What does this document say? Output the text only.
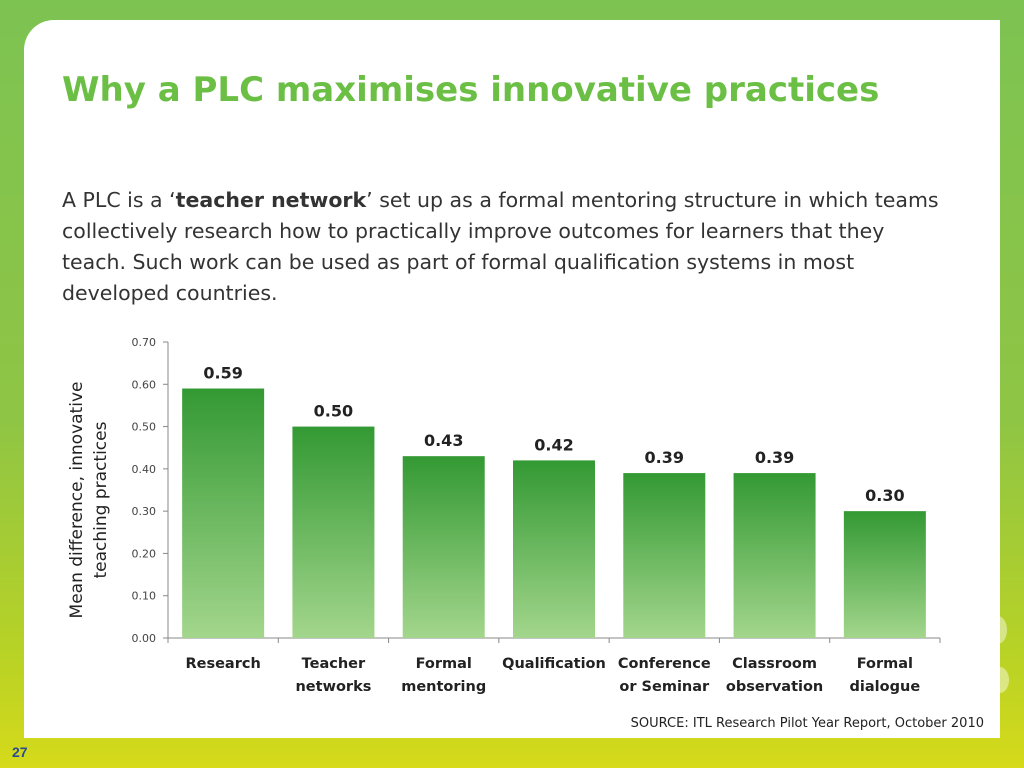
Why a PLC maximises innovative practices

A PLC is a ‘teacher network’ set up as a formal mentoring structure in which teams collectively research how to practically improve outcomes for learners that they teach. Such work can be used as part of formal qualification systems in most developed countries.

0.00
0.10
0.20
0.30
0.40
0.50
0.60
0.70
0.59
Research
0.50
Teacher
networks
0.43
Formal
mentoring
0.42
Qualification
0.39
Conference
or Seminar
0.39
Classroom
observation
0.30
Formal
dialogue
Mean difference, innovative teaching practices
SOURCE: ITL Research Pilot Year Report, October 2010
27
